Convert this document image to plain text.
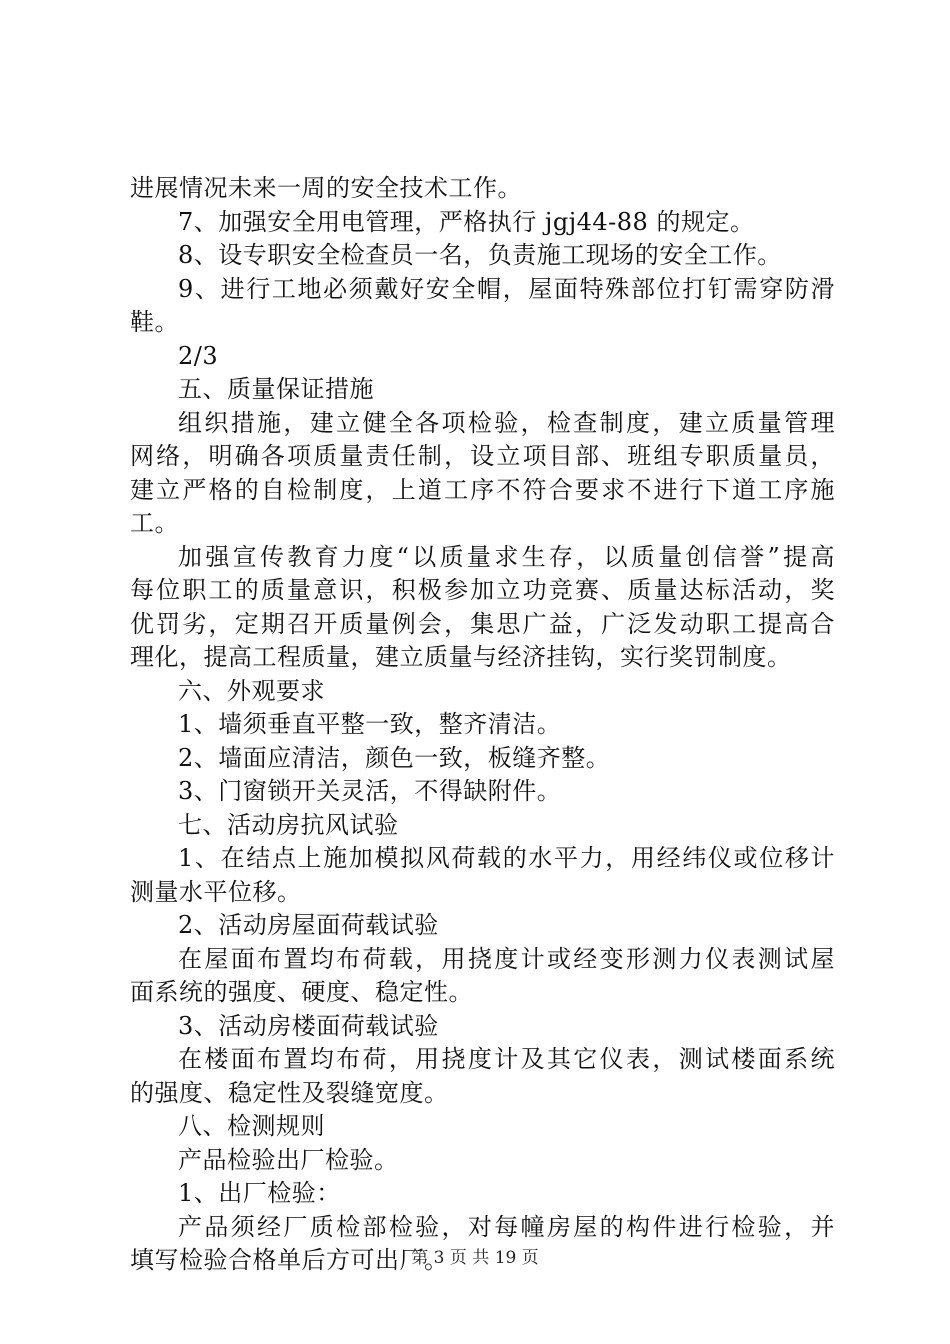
进展情况未来一周的安全技术工作。
7、加强安全用电管理，严格执行 jgj44-88 的规定。
8、设专职安全检查员一名，负责施工现场的安全工作。
9、进行工地必须戴好安全帽，屋面特殊部位打钉需穿防滑
鞋。
2/3
五、质量保证措施
组织措施，建立健全各项检验，检查制度，建立质量管理
网络，明确各项质量责任制，设立项目部、班组专职质量员，
建立严格的自检制度，上道工序不符合要求不进行下道工序施
工。
加强宣传教育力度“以质量求生存，以质量创信誉”提高
每位职工的质量意识，积极参加立功竞赛、质量达标活动，奖
优罚劣，定期召开质量例会，集思广益，广泛发动职工提高合
理化，提高工程质量，建立质量与经济挂钩，实行奖罚制度。
六、外观要求
1、墙须垂直平整一致，整齐清洁。
2、墙面应清洁，颜色一致，板缝齐整。
3、门窗锁开关灵活，不得缺附件。
七、活动房抗风试验
1、在结点上施加模拟风荷载的水平力，用经纬仪或位移计
测量水平位移。
2、活动房屋面荷载试验
在屋面布置均布荷载，用挠度计或经变形测力仪表测试屋
面系统的强度、硬度、稳定性。
3、活动房楼面荷载试验
在楼面布置均布荷，用挠度计及其它仪表，测试楼面系统
的强度、稳定性及裂缝宽度。
八、检测规则
产品检验出厂检验。
1、出厂检验：
产品须经厂质检部检验，对每幢房屋的构件进行检验，并
填写检验合格单后方可出厂。
第 3 页 共 19 页
